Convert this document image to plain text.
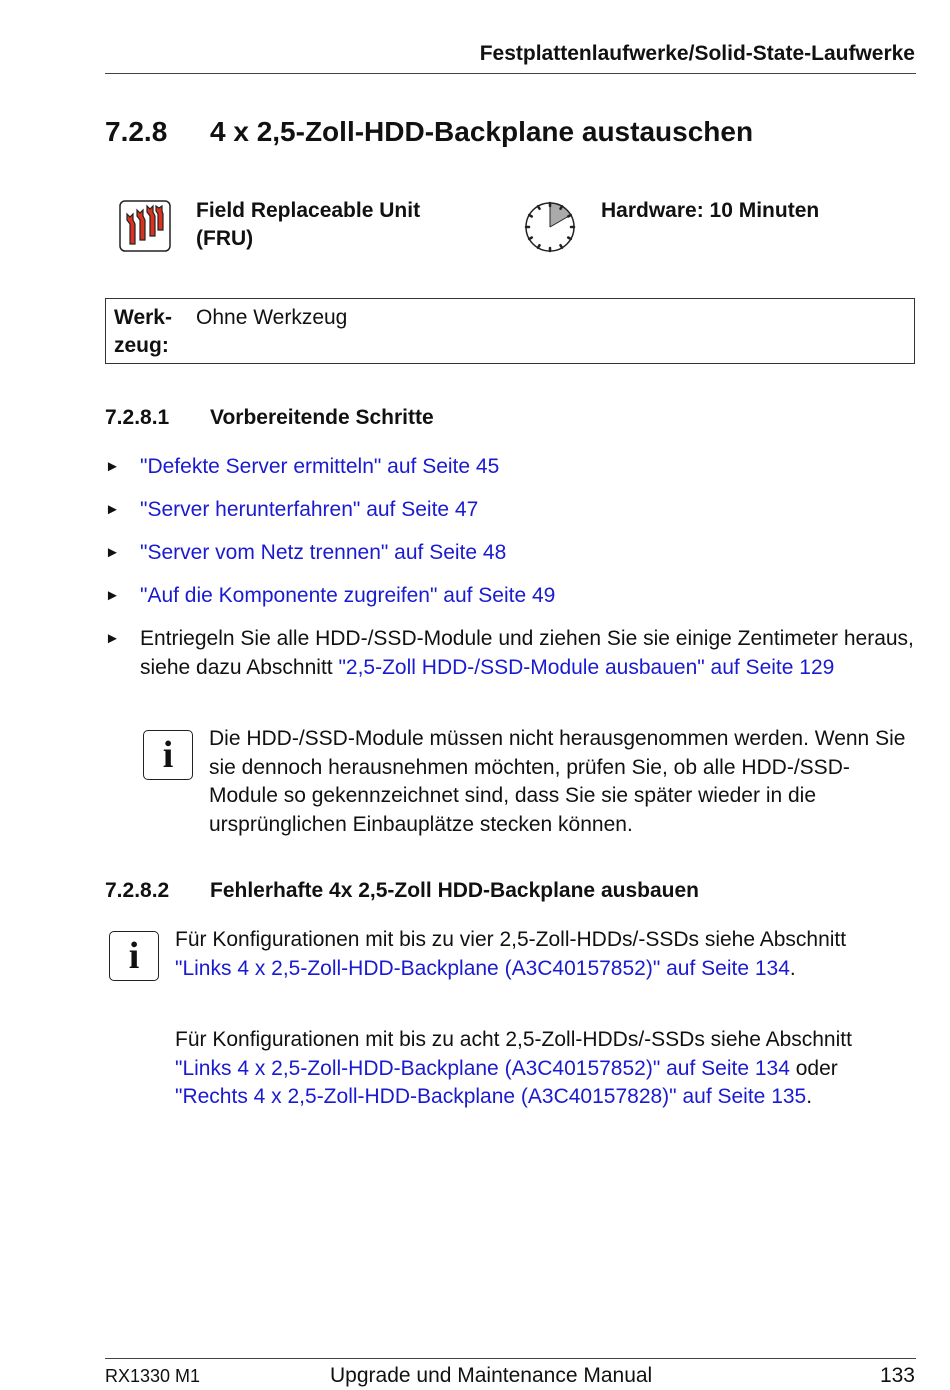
Festplattenlaufwerke/Solid-State-Laufwerke
7.2.8 4 x 2,5-Zoll-HDD-Backplane austauschen
Field Replaceable Unit
(FRU)
Hardware: 10 Minuten
Werk-
zeug:
Ohne Werkzeug
7.2.8.1 Vorbereitende Schritte
► "Defekte Server ermitteln" auf Seite 45
► "Server herunterfahren" auf Seite 47
► "Server vom Netz trennen" auf Seite 48
► "Auf die Komponente zugreifen" auf Seite 49
► Entriegeln Sie alle HDD-/SSD-Module und ziehen Sie sie einige Zentimeter heraus, siehe dazu Abschnitt "2,5-Zoll HDD-/SSD-Module ausbauen" auf Seite 129
i	Die HDD-/SSD-Module müssen nicht herausgenommen werden. Wenn Sie sie dennoch herausnehmen möchten, prüfen Sie, ob alle HDD-/SSD-Module so gekennzeichnet sind, dass Sie sie später wieder in die ursprünglichen Einbauplätze stecken können.
7.2.8.2 Fehlerhafte 4x 2,5-Zoll HDD-Backplane ausbauen
i	Für Konfigurationen mit bis zu vier 2,5-Zoll-HDDs/-SSDs siehe Abschnitt "Links 4 x 2,5-Zoll-HDD-Backplane (A3C40157852)" auf Seite 134.
Für Konfigurationen mit bis zu acht 2,5-Zoll-HDDs/-SSDs siehe Abschnitt "Links 4 x 2,5-Zoll-HDD-Backplane (A3C40157852)" auf Seite 134 oder "Rechts 4 x 2,5-Zoll-HDD-Backplane (A3C40157828)" auf Seite 135.
RX1330 M1	Upgrade und Maintenance Manual	133
